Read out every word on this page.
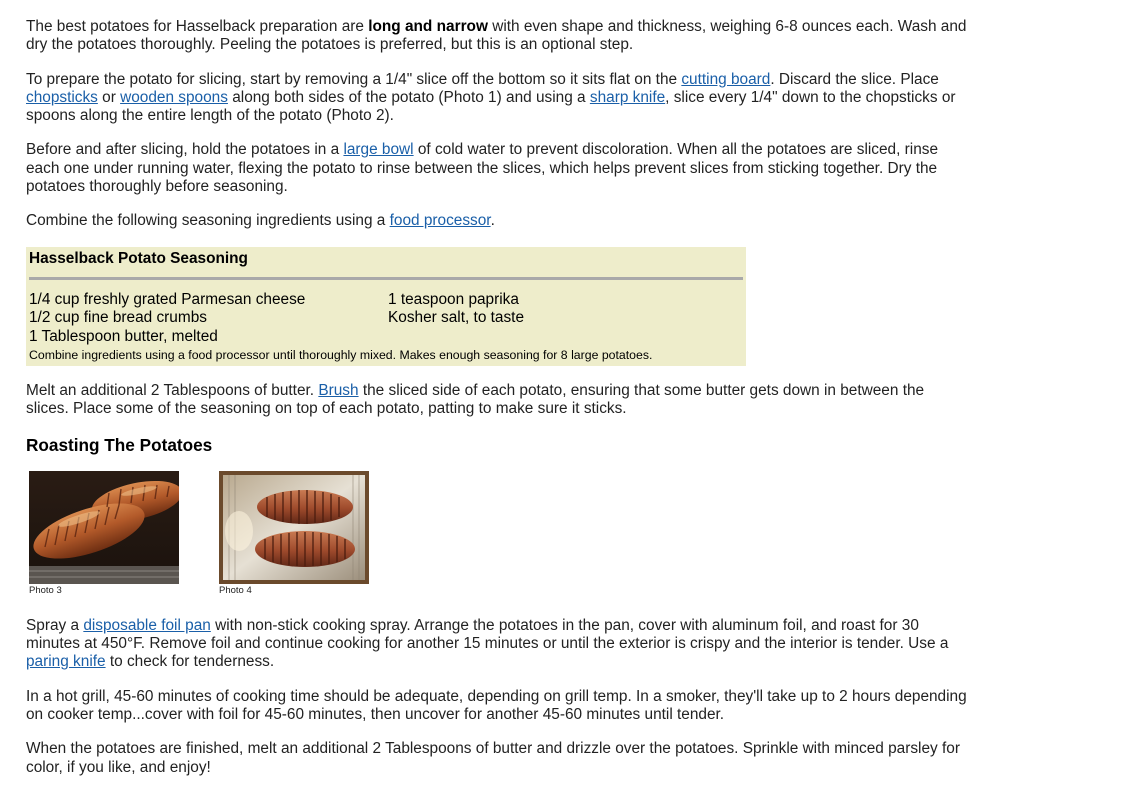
The best potatoes for Hasselback preparation are long and narrow with even shape and thickness, weighing 6-8 ounces each. Wash and dry the potatoes thoroughly. Peeling the potatoes is preferred, but this is an optional step.

To prepare the potato for slicing, start by removing a 1/4" slice off the bottom so it sits flat on the cutting board. Discard the slice. Place chopsticks or wooden spoons along both sides of the potato (Photo 1) and using a sharp knife, slice every 1/4" down to the chopsticks or spoons along the entire length of the potato (Photo 2).

Before and after slicing, hold the potatoes in a large bowl of cold water to prevent discoloration. When all the potatoes are sliced, rinse each one under running water, flexing the potato to rinse between the slices, which helps prevent slices from sticking together. Dry the potatoes thoroughly before seasoning.

Combine the following seasoning ingredients using a food processor.

Hasselback Potato Seasoning
1/4 cup freshly grated Parmesan cheese	1 teaspoon paprika
1/2 cup fine bread crumbs	Kosher salt, to taste
1 Tablespoon butter, melted
Combine ingredients using a food processor until thoroughly mixed. Makes enough seasoning for 8 large potatoes.

Melt an additional 2 Tablespoons of butter. Brush the sliced side of each potato, ensuring that some butter gets down in between the slices. Place some of the seasoning on top of each potato, patting to make sure it sticks.

Roasting The Potatoes
Photo 3	Photo 4

Spray a disposable foil pan with non-stick cooking spray. Arrange the potatoes in the pan, cover with aluminum foil, and roast for 30 minutes at 450°F. Remove foil and continue cooking for another 15 minutes or until the exterior is crispy and the interior is tender. Use a paring knife to check for tenderness.

In a hot grill, 45-60 minutes of cooking time should be adequate, depending on grill temp. In a smoker, they'll take up to 2 hours depending on cooker temp...cover with foil for 45-60 minutes, then uncover for another 45-60 minutes until tender.

When the potatoes are finished, melt an additional 2 Tablespoons of butter and drizzle over the potatoes. Sprinkle with minced parsley for color, if you like, and enjoy!
